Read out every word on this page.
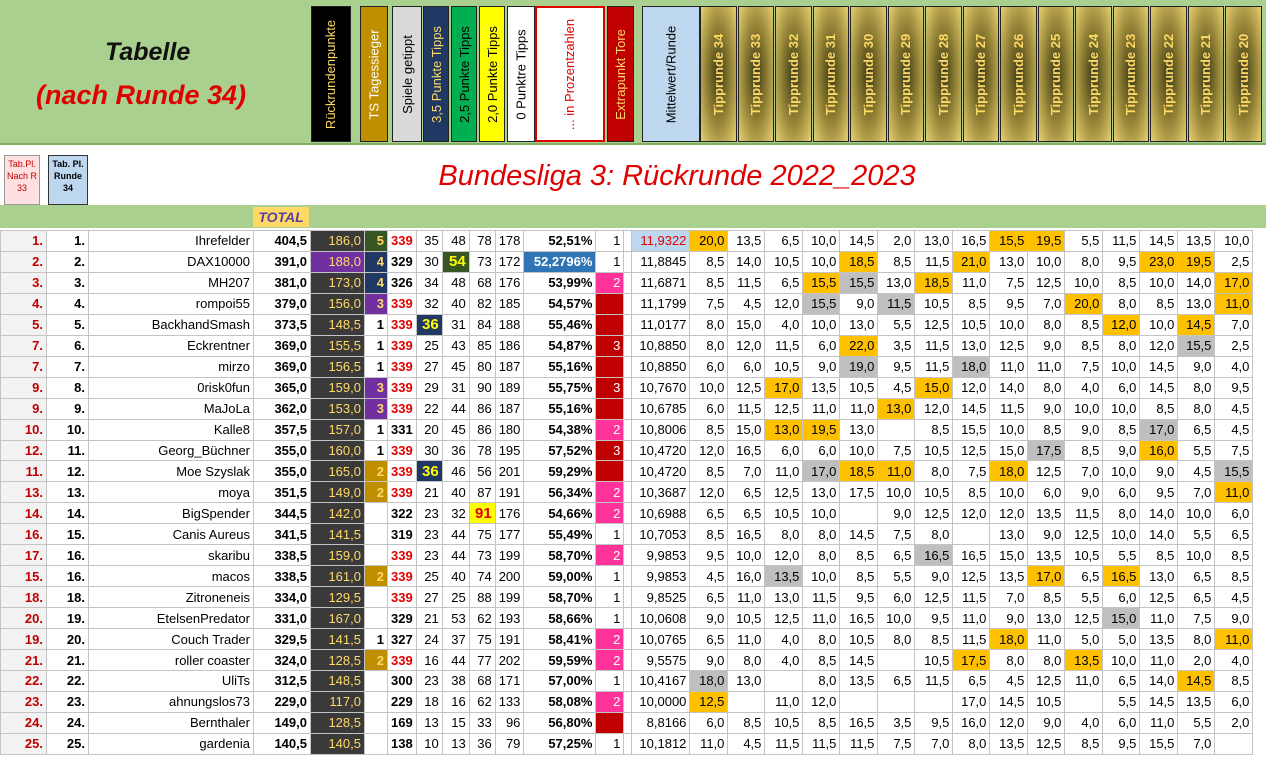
Tabelle
(nach Runde 34)	Rückrundenpunkte TS Tagessieger Spiele getippt 3,5 Punkte Tipps 2,5 Punkte Tipps 2,0 Punkte Tipps 0 Punktre Tipps	... in Prozentzahlen	Extrapunkt Tore	Mittelwert/Runde	Tipprunde 34 Tipprunde 33 Tipprunde 32 Tipprunde 31 Tipprunde 30 Tipprunde 29 Tipprunde 28 Tipprunde 27 Tipprunde 26 Tipprunde 25 Tipprunde 24 Tipprunde 23 Tipprunde 22 Tipprunde 21 Tipprunde 20
Tab.Pl. Nach R 33
Tab. Pl. Runde 34	Bundesliga 3: Rückrunde 2022_2023
TOTAL
1.	1.	Ihrefelder	404,5	186,0	5	339	35	48	78	178	52,51%	1		11,9322	20,0	13,5	6,5	10,0	14,5	2,0	13,0	16,5	15,5	19,5	5,5	11,5	14,5	13,5	10,0
2.	2.	DAX10000	391,0	188,0	4	329	30	54	73	172	52,2796%	1		11,8845	8,5	14,0	10,5	10,0	18,5	8,5	11,5	21,0	13,0	10,0	8,0	9,5	23,0	19,5	2,5
3.	3.	MH207	381,0	173,0	4	326	34	48	68	176	53,99%	2		11,6871	8,5	11,5	6,5	15,5	15,5	13,0	18,5	11,0	7,5	12,5	10,0	8,5	10,0	14,0	17,0
4.	4.	rompoi55	379,0	156,0	3	339	32	40	82	185	54,57%			11,1799	7,5	4,5	12,0	15,5	9,0	11,5	10,5	8,5	9,5	7,0	20,0	8,0	8,5	13,0	11,0
5.	5.	BackhandSmash	373,5	148,5	1	339	36	31	84	188	55,46%			11,0177	8,0	15,0	4,0	10,0	13,0	5,5	12,5	10,5	10,0	8,0	8,5	12,0	10,0	14,5	7,0
7.	6.	Eckrentner	369,0	155,5	1	339	25	43	85	186	54,87%	3		10,8850	8,0	12,0	11,5	6,0	22,0	3,5	11,5	13,0	12,5	9,0	8,5	8,0	12,0	15,5	2,5
7.	7.	mirzo	369,0	156,5	1	339	27	45	80	187	55,16%			10,8850	6,0	6,0	10,5	9,0	19,0	9,5	11,5	18,0	11,0	11,0	7,5	10,0	14,5	9,0	4,0
9.	8.	0risk0fun	365,0	159,0	3	339	29	31	90	189	55,75%	3		10,7670	10,0	12,5	17,0	13,5	10,5	4,5	15,0	12,0	14,0	8,0	4,0	6,0	14,5	8,0	9,5
9.	9.	MaJoLa	362,0	153,0	3	339	22	44	86	187	55,16%			10,6785	6,0	11,5	12,5	11,0	11,0	13,0	12,0	14,5	11,5	9,0	10,0	10,0	8,5	8,0	4,5
10.	10.	Kalle8	357,5	157,0	1	331	20	45	86	180	54,38%	2		10,8006	8,5	15,0	13,0	19,5	13,0		8,5	15,5	10,0	8,5	9,0	8,5	17,0	6,5	4,5
12.	11.	Georg_Büchner	355,0	160,0	1	339	30	36	78	195	57,52%	3		10,4720	12,0	16,5	6,0	6,0	10,0	7,5	10,5	12,5	15,0	17,5	8,5	9,0	16,0	5,5	7,5
11.	12.	Moe Szyslak	355,0	165,0	2	339	36	46	56	201	59,29%			10,4720	8,5	7,0	11,0	17,0	18,5	11,0	8,0	7,5	18,0	12,5	7,0	10,0	9,0	4,5	15,5
13.	13.	moya	351,5	149,0	2	339	21	40	87	191	56,34%	2		10,3687	12,0	6,5	12,5	13,0	17,5	10,0	10,5	8,5	10,0	6,0	9,0	6,0	9,5	7,0	11,0
14.	14.	BigSpender	344,5	142,0		322	23	32	91	176	54,66%	2		10,6988	6,5	6,5	10,5	10,0		9,0	12,5	12,0	12,0	13,5	11,5	8,0	14,0	10,0	6,0
16.	15.	Canis Aureus	341,5	141,5		319	23	44	75	177	55,49%	1		10,7053	8,5	16,5	8,0	8,0	14,5	7,5	8,0		13,0	9,0	12,5	10,0	14,0	5,5	6,5
17.	16.	skaribu	338,5	159,0		339	23	44	73	199	58,70%	2		9,9853	9,5	10,0	12,0	8,0	8,5	6,5	16,5	16,5	15,0	13,5	10,5	5,5	8,5	10,0	8,5
15.	16.	macos	338,5	161,0	2	339	25	40	74	200	59,00%	1		9,9853	4,5	16,0	13,5	10,0	8,5	5,5	9,0	12,5	13,5	17,0	6,5	16,5	13,0	6,5	8,5
18.	18.	Zitroneneis	334,0	129,5		339	27	25	88	199	58,70%	1		9,8525	6,5	11,0	13,0	11,5	9,5	6,0	12,5	11,5	7,0	8,5	5,5	6,0	12,5	6,5	4,5
20.	19.	EtelsenPredator	331,0	167,0		329	21	53	62	193	58,66%	1		10,0608	9,0	10,5	12,5	11,0	16,5	10,0	9,5	11,0	9,0	13,0	12,5	15,0	11,0	7,5	9,0
19.	20.	Couch Trader	329,5	141,5	1	327	24	37	75	191	58,41%	2		10,0765	6,5	11,0	4,0	8,0	10,5	8,0	8,5	11,5	18,0	11,0	5,0	5,0	13,5	8,0	11,0
21.	21.	roller coaster	324,0	128,5	2	339	16	44	77	202	59,59%	2		9,5575	9,0	8,0	4,0	8,5	14,5		10,5	17,5	8,0	8,0	13,5	10,0	11,0	2,0	4,0
22.	22.	UliTs	312,5	148,5		300	23	38	68	171	57,00%	1		10,4167	18,0	13,0		8,0	13,5	6,5	11,5	6,5	4,5	12,5	11,0	6,5	14,0	14,5	8,5
23.	23.	ahnungslos73	229,0	117,0		229	18	16	62	133	58,08%	2		10,0000	12,5		11,0	12,0				17,0	14,5	10,5		5,5	14,5	13,5	6,0
24.	24.	Bernthaler	149,0	128,5		169	13	15	33	96	56,80%			8,8166	6,0	8,5	10,5	8,5	16,5	3,5	9,5	16,0	12,0	9,0	4,0	6,0	11,0	5,5	2,0
25.	25.	gardenia	140,5	140,5		138	10	13	36	79	57,25%	1		10,1812	11,0	4,5	11,5	11,5	11,5	7,5	7,0	8,0	13,5	12,5	8,5	9,5	15,5	7,0	
